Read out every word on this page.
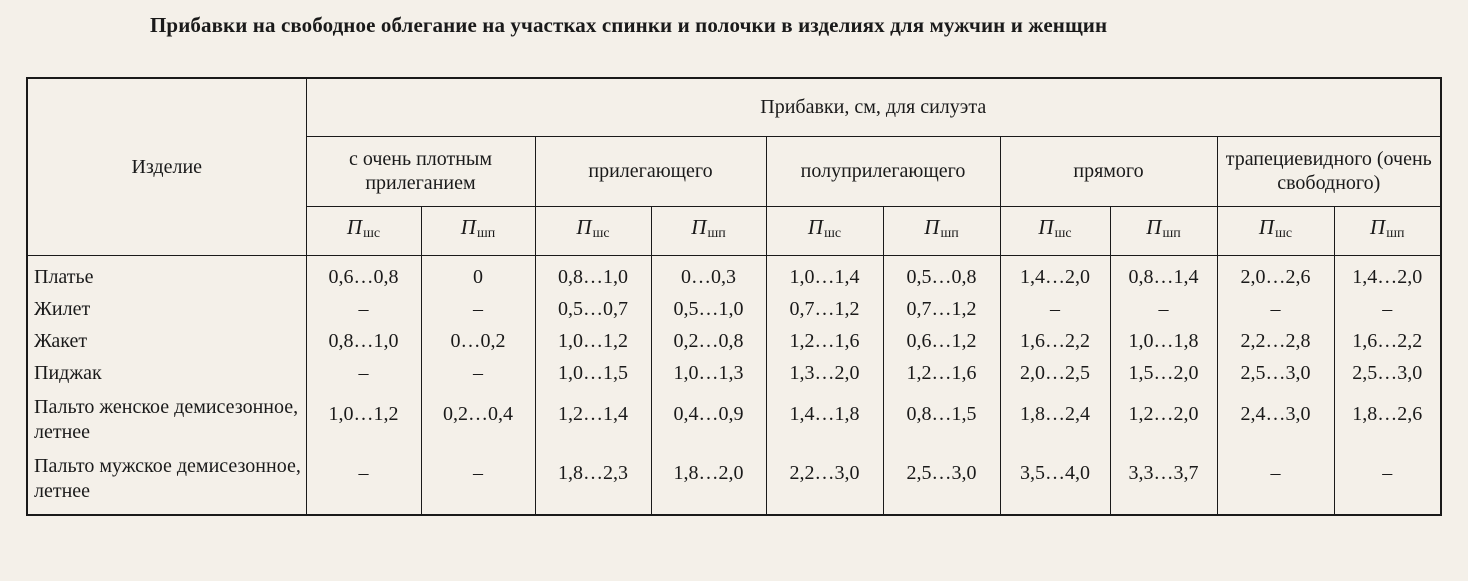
Прибавки на свободное облегание на участках спинки и полочки в изделиях для мужчин и женщин
Изделие	Прибавки, см, для силуэта									
	с очень плотным прилеганием		прилегающего		полуприлегающего		прямого		трапециевидного (очень свободного)	
	$П_{шс}$	$П_{шп}$	$П_{шс}$	$П_{шп}$	$П_{шс}$	$П_{шп}$	$П_{шс}$	$П_{шп}$	$П_{шс}$	$П_{шп}$
Платье	0,6…0,8	0	0,8…1,0	0…0,3	1,0…1,4	0,5…0,8	1,4…2,0	0,8…1,4	2,0…2,6	1,4…2,0
Жилет	–	–	0,5…0,7	0,5…1,0	0,7…1,2	0,7…1,2	–	–	–	–
Жакет	0,8…1,0	0…0,2	1,0…1,2	0,2…0,8	1,2…1,6	0,6…1,2	1,6…2,2	1,0…1,8	2,2…2,8	1,6…2,2
Пиджак	–	–	1,0…1,5	1,0…1,3	1,3…2,0	1,2…1,6	2,0…2,5	1,5…2,0	2,5…3,0	2,5…3,0
Пальто женское демисезонное, летнее	1,0…1,2	0,2…0,4	1,2…1,4	0,4…0,9	1,4…1,8	0,8…1,5	1,8…2,4	1,2…2,0	2,4…3,0	1,8…2,6
Пальто мужское демисезонное, летнее	–	–	1,8…2,3	1,8…2,0	2,2…3,0	2,5…3,0	3,5…4,0	3,3…3,7	–	–
